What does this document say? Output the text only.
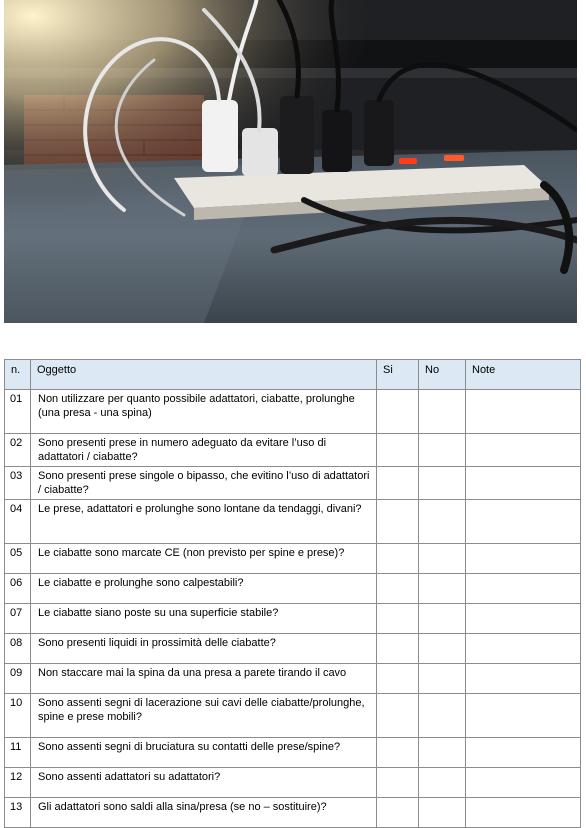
n.	Oggetto	Si	No	Note
01	Non utilizzare per quanto possibile adattatori, ciabatte, prolunghe (una presa - una spina)			
02	Sono presenti prese in numero adeguato da evitare l’uso di adattatori / ciabatte?			
03	Sono presenti prese singole o bipasso, che evitino l’uso di adattatori / ciabatte?			
04	Le prese, adattatori e prolunghe sono lontane da tendaggi, divani?			
05	Le ciabatte sono marcate CE (non previsto per spine e prese)?			
06	Le ciabatte e prolunghe sono calpestabili?			
07	Le ciabatte siano poste su una superficie stabile?			
08	Sono presenti liquidi in prossimità delle ciabatte?			
09	Non staccare mai la spina da una presa a parete tirando il cavo			
10	Sono assenti segni di lacerazione sui cavi delle ciabatte/prolunghe, spine e prese mobili?			
11	Sono assenti segni di bruciatura su contatti delle prese/spine?			
12	Sono assenti adattatori su adattatori?			
13	Gli adattatori sono saldi alla sina/presa (se no – sostituire)?			
